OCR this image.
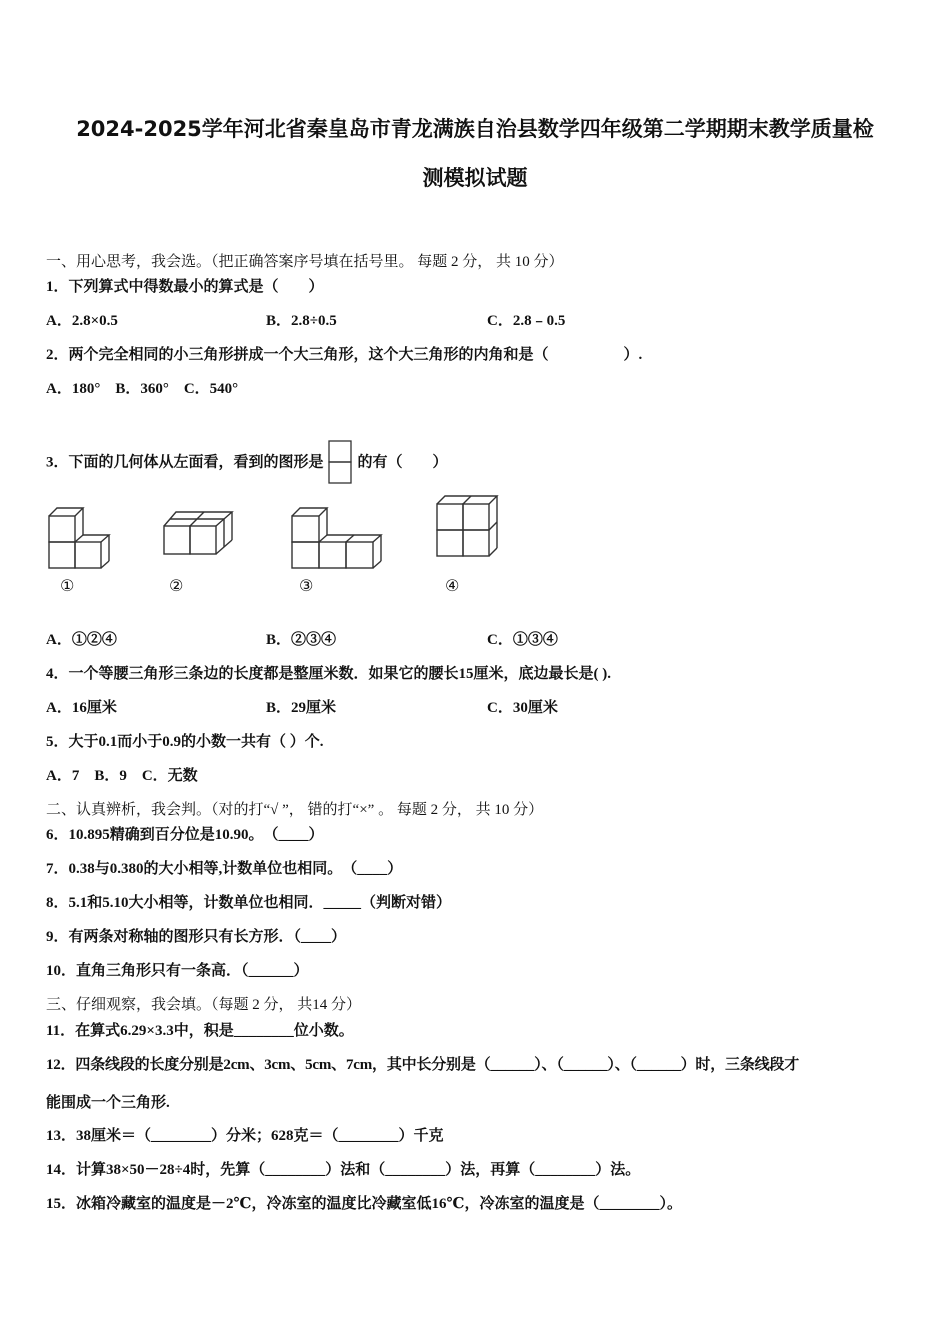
2024-2025学年河北省秦皇岛市青龙满族自治县数学四年级第二学期期末教学质量检
测模拟试题
一、用心思考，我会选。（把正确答案序号填在括号里。 每题 2 分， 共 10 分）
1．下列算式中得数最小的算式是（　　）
A．2.8×0.5	B．2.8÷0.5	C．2.8﹣0.5
2．两个完全相同的小三角形拼成一个大三角形，这个大三角形的内角和是（　　　　　）.
A．180°　B．360°　C．540°
3．下面的几何体从左面看，看到的图形是 的有（　　）
①	②	③	④
A．①②④	B．②③④	C．①③④
4．一个等腰三角形三条边的长度都是整厘米数．如果它的腰长15厘米，底边最长是( ).
A．16厘米	B．29厘米	C．30厘米
5．大于0.1而小于0.9的小数一共有（ ）个.
A．7　B．9　C．无数
二、认真辨析，我会判。（对的打“√ ”， 错的打“×” 。 每题 2 分， 共 10 分）
6．10.895精确到百分位是10.90。　（____）
7．0.38与0.380的大小相等,计数单位也相同。　（____）
8．5.1和5.10大小相等，计数单位也相同．_____（判断对错）
9．有两条对称轴的图形只有长方形．（____）
10．直角三角形只有一条高．（______）
三、仔细观察，我会填。（每题 2 分， 共14 分）
11．在算式6.29×3.3中，积是________位小数。
12．四条线段的长度分别是2cm、3cm、5cm、7cm，其中长分别是（______）、（______）、（______）时，三条线段才
能围成一个三角形.
13．38厘米＝（________）分米；628克＝（________）千克
14．计算38×50－28÷4时，先算（________）法和（________）法，再算（________）法。
15．冰箱冷藏室的温度是－2℃，冷冻室的温度比冷藏室低16℃，冷冻室的温度是（________）。
